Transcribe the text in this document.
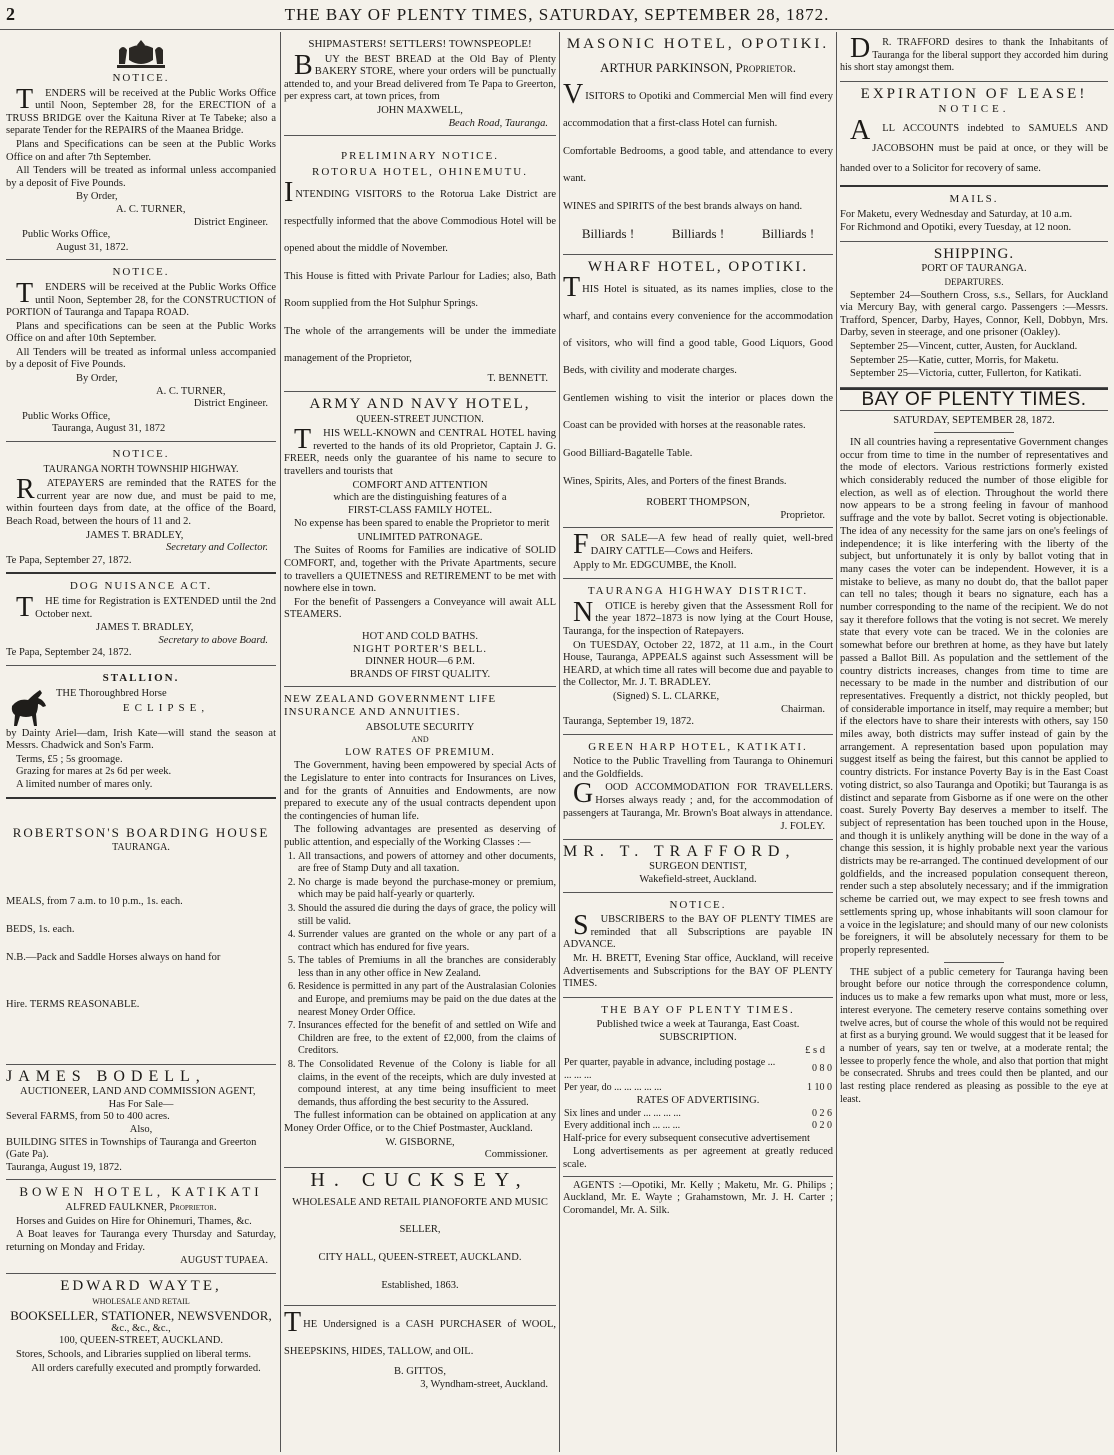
2	THE BAY OF PLENTY TIMES, SATURDAY, SEPTEMBER 28, 1872.
NOTICE.

TENDERS will be received at the Public Works Office until Noon, September 28, for the ERECTION of a TRUSS BRIDGE over the Kaituna River at Te Tabeke; also a separate Tender for the REPAIRS of the Maanea Bridge.

Plans and Specifications can be seen at the Public Works Office on and after 7th September.

All Tenders will be treated as informal unless accompanied by a deposit of Five Pounds.

By Order,
A. C. TURNER,
District Engineer.
Public Works Office,
August 31, 1872.
NOTICE.

TENDERS will be received at the Public Works Office until Noon, September 28, for the CONSTRUCTION of PORTION of Tauranga and Tapapa ROAD.

Plans and specifications can be seen at the Public Works Office on and after 10th September.

All Tenders will be treated as informal unless accompanied by a deposit of Five Pounds.

By Order,
A. C. TURNER,
District Engineer.
Public Works Office,
Tauranga, August 31, 1872
NOTICE.
TAURANGA NORTH TOWNSHIP HIGHWAY.

RATEPAYERS are reminded that the RATES for the current year are now due, and must be paid to me, within fourteen days from date, at the office of the Board, Beach Road, between the hours of 11 and 2.

JAMES T. BRADLEY,
Secretary and Collector.
Te Papa, September 27, 1872.
DOG NUISANCE ACT.

THE time for Registration is EXTENDED until the 2nd October next.

JAMES T. BRADLEY,
Secretary to above Board.
Te Papa, September 24, 1872.
STALLION.
THE Thoroughbred Horse
ECLIPSE,

by Dainty Ariel—dam, Irish Kate—will stand the season at Messrs. Chadwick and Son's Farm.

Terms, £5 ; 5s groomage.
Grazing for mares at 2s 6d per week.
A limited number of mares only.
ROBERTSON'S BOARDING HOUSE
TAURANGA.

MEALS, from 7 a.m. to 10 p.m., 1s. each.

BEDS, 1s. each.

N.B.—Pack and Saddle Horses always on hand for

Hire. TERMS REASONABLE.

JAMES BODELL,
AUCTIONEER, LAND AND COMMISSION AGENT,
Has For Sale—
Several FARMS, from 50 to 400 acres.
Also,
BUILDING SITES in Townships of Tauranga and Greerton (Gate Pa).
Tauranga, August 19, 1872.
BOWEN HOTEL, KATIKATI
ALFRED FAULKNER, Proprietor.

Horses and Guides on Hire for Ohinemuri, Thames, &c.

A Boat leaves for Tauranga every Thursday and Saturday, returning on Monday and Friday.

AUGUST TUPAEA.
EDWARD WAYTE,
WHOLESALE AND RETAIL
BOOKSELLER, STATIONER, NEWSVENDOR,
&c., &c., &c.,
100, QUEEN-STREET, AUCKLAND.

Stores, Schools, and Libraries supplied on liberal terms.

All orders carefully executed and promptly forwarded.

SHIPMASTERS! SETTLERS! TOWNSPEOPLE!

BUY the BEST BREAD at the Old Bay of Plenty BAKERY STORE, where your orders will be punctually attended to, and your Bread delivered from Te Papa to Greerton, per express cart, at town prices, from

JOHN MAXWELL,
Beach Road, Tauranga.
PRELIMINARY NOTICE.
ROTORUA HOTEL, OHINEMUTU.

INTENDING VISITORS to the Rotorua Lake District are respectfully informed that the above Commodious Hotel will be opened about the middle of November.

This House is fitted with Private Parlour for Ladies; also, Bath Room supplied from the Hot Sulphur Springs.

The whole of the arrangements will be under the immediate management of the Proprietor,

T. BENNETT.
ARMY AND NAVY HOTEL,
QUEEN-STREET JUNCTION.

THIS WELL-KNOWN and CENTRAL HOTEL having reverted to the hands of its old Proprietor, Captain J. G. FREER, needs only the guarantee of his name to secure to travellers and tourists that

COMFORT AND ATTENTION
which are the distinguishing features of a
FIRST-CLASS FAMILY HOTEL.

No expense has been spared to enable the Proprietor to merit

UNLIMITED PATRONAGE.

The Suites of Rooms for Families are indicative of SOLID COMFORT, and, together with the Private Apartments, secure to travellers a QUIETNESS and RETIREMENT to be met with nowhere else in town.

For the benefit of Passengers a Conveyance will await ALL STEAMERS.

HOT AND COLD BATHS.
NIGHT PORTER'S BELL.
DINNER HOUR—6 P.M.
BRANDS OF FIRST QUALITY.
NEW ZEALAND GOVERNMENT LIFE INSURANCE AND ANNUITIES.
ABSOLUTE SECURITY
AND
LOW RATES OF PREMIUM.

The Government, having been empowered by special Acts of the Legislature to enter into contracts for Insurances on Lives, and for the grants of Annuities and Endowments, are now prepared to execute any of the usual contracts dependent upon the contingencies of human life.

The following advantages are presented as deserving of public attention, and especially of the Working Classes :—

1. All transactions, and powers of attorney and other documents, are free of Stamp Duty and all taxation.
2. No charge is made beyond the purchase-money or premium, which may be paid half-yearly or quarterly.
3. Should the assured die during the days of grace, the policy will still be valid.
4. Surrender values are granted on the whole or any part of a contract which has endured for five years.
5. The tables of Premiums in all the branches are considerably less than in any other office in New Zealand.
6. Residence is permitted in any part of the Australasian Colonies and Europe, and premiums may be paid on the due dates at the nearest Money Order Office.
7. Insurances effected for the benefit of and settled on Wife and Children are free, to the extent of £2,000, from the claims of Creditors.
8. The Consolidated Revenue of the Colony is liable for all claims, in the event of the receipts, which are duly invested at compound interest, at any time being insufficient to meet demands, thus affording the best security to the Assured.

The fullest information can be obtained on application at any Money Order Office, or to the Chief Postmaster, Auckland.

W. GISBORNE,
Commissioner.
H. CUCKSEY,

WHOLESALE AND RETAIL PIANOFORTE AND MUSIC SELLER,

CITY HALL, QUEEN-STREET, AUCKLAND.

Established, 1863.

THE Undersigned is a CASH PURCHASER of WOOL, SHEEPSKINS, HIDES, TALLOW, and OIL.

B. GITTOS,
3, Wyndham-street, Auckland.
MASONIC HOTEL, OPOTIKI.
ARTHUR PARKINSON, Proprietor.

VISITORS to Opotiki and Commercial Men will find every accommodation that a first-class Hotel can furnish.

Comfortable Bedrooms, a good table, and attendance to every want.

WINES and SPIRITS of the best brands always on hand.

Billiards !	Billiards !	Billiards !
WHARF HOTEL, OPOTIKI.

THIS Hotel is situated, as its names implies, close to the wharf, and contains every convenience for the accommodation of visitors, who will find a good table, Good Liquors, Good Beds, with civility and moderate charges.

Gentlemen wishing to visit the interior or places down the Coast can be provided with horses at the reasonable rates.

Good Billiard-Bagatelle Table.

Wines, Spirits, Ales, and Porters of the finest Brands.

ROBERT THOMPSON,
Proprietor.

FOR SALE—A few head of really quiet, well-bred DAIRY CATTLE—Cows and Heifers.

Apply to Mr. EDGCUMBE, the Knoll.

TAURANGA HIGHWAY DISTRICT.

NOTICE is hereby given that the Assessment Roll for the year 1872–1873 is now lying at the Court House, Tauranga, for the inspection of Ratepayers.

On TUESDAY, October 22, 1872, at 11 a.m., in the Court House, Tauranga, APPEALS against such Assessment will be HEARD, at which time all rates will become due and payable to the Collector, Mr. J. T. BRADLEY.

(Signed) S. L. CLARKE,
Chairman.
Tauranga, September 19, 1872.
GREEN HARP HOTEL, KATIKATI.

Notice to the Public Travelling from Tauranga to Ohinemuri and the Goldfields.

GOOD ACCOMMODATION FOR TRAVELLERS. Horses always ready ; and, for the accommodation of passengers at Tauranga, Mr. Brown's Boat always in attendance.

J. FOLEY.
MR. T. TRAFFORD,
SURGEON DENTIST,
Wakefield-street, Auckland.
NOTICE.

SUBSCRIBERS to the BAY OF PLENTY TIMES are reminded that all Subscriptions are payable IN ADVANCE.

Mr. H. BRETT, Evening Star office, Auckland, will receive Advertisements and Subscriptions for the BAY OF PLENTY TIMES.

THE BAY OF PLENTY TIMES.
Published twice a week at Tauranga, East Coast.
SUBSCRIPTION.
£ s d
Per quarter, payable in advance, including postage ... ... ... ...	0 8 0
Per year, do ... ... ... ... ...	1 10 0
RATES OF ADVERTISING.
Six lines and under ... ... ... ...	0 2 6
Every additional inch ... ... ...	0 2 0
Half-price for every subsequent consecutive advertisement

Long advertisements as per agreement at greatly reduced scale.

AGENTS :—Opotiki, Mr. Kelly ; Maketu, Mr. G. Philips ; Auckland, Mr. E. Wayte ; Grahamstown, Mr. J. H. Carter ; Coromandel, Mr. A. Silk.

DR. TRAFFORD desires to thank the Inhabitants of Tauranga for the liberal support they accorded him during his short stay amongst them.

EXPIRATION OF LEASE!
NOTICE.

ALL ACCOUNTS indebted to SAMUELS AND JACOBSOHN must be paid at once, or they will be handed over to a Solicitor for recovery of same.

MAILS.

For Maketu, every Wednesday and Saturday, at 10 a.m.

For Richmond and Opotiki, every Tuesday, at 12 noon.

SHIPPING.
PORT OF TAURANGA.
DEPARTURES.

September 24—Southern Cross, s.s., Sellars, for Auckland via Mercury Bay, with general cargo. Passengers :—Messrs. Trafford, Spencer, Darby, Hayes, Connor, Kell, Dobbyn, Mrs. Darby, seven in steerage, and one prisoner (Oakley).

September 25—Vincent, cutter, Austen, for Auckland.

September 25—Katie, cutter, Morris, for Maketu.

September 25—Victoria, cutter, Fullerton, for Katikati.

BAY OF PLENTY TIMES.
SATURDAY, SEPTEMBER 28, 1872.

IN all countries having a representative Government changes occur from time to time in the number of representatives and the mode of electors. Various restrictions formerly existed which considerably reduced the number of those eligible for election, as well as of election. Throughout the world there now appears to be a strong feeling in favour of manhood suffrage and the vote by ballot. Secret voting is objectionable. The idea of any necessity for the same jars on one's feelings of independence; it is like interfering with the liberty of the subject, but unfortunately it is only by ballot voting that in many cases the voter can be independent. However, it is a mistake to believe, as many no doubt do, that the ballot paper can tell no tales; though it bears no signature, each has a number corresponding to the name of the recipient. We do not say it therefore follows that the voting is not secret. We merely state that every vote can be traced. We in the colonies are somewhat before our brethren at home, as they have but lately passed a Ballot Bill. As population and the settlement of the country districts increases, changes from time to time are necessary to be made in the number and distribution of our representatives. Frequently a district, not thickly peopled, but of considerable importance in itself, may require a member; but if the electors have to share their interests with others, say 150 miles away, both districts may suffer instead of gain by the arrangement. A representation based upon population may suggest itself as being the fairest, but this cannot be applied to country districts. For instance Poverty Bay is in the East Coast voting district, so also Tauranga and Opotiki; but Tauranga is as distinct and separate from Gisborne as if one were on the other coast. Surely Poverty Bay deserves a member to itself. The subject of representation has been touched upon in the House, and though it is unlikely anything will be done in the way of a change this session, it is highly probable next year the various districts may be re-arranged. The continued development of our goldfields, and the increased population consequent thereon, render such a step absolutely necessary; and if the immigration scheme be carried out, we may expect to see fresh towns and settlements spring up, whose inhabitants will soon clamour for a voice in the legislature; and should many of our new colonists be foreigners, it will be absolutely necessary for them to be properly represented.

THE subject of a public cemetery for Tauranga having been brought before our notice through the correspondence column, induces us to make a few remarks upon what must, more or less, interest everyone. The cemetery reserve contains something over twelve acres, but of course the whole of this would not be required at first as a burying ground. We would suggest that it be leased for a number of years, say ten or twelve, at a moderate rental; the lessee to properly fence the whole, and also that portion that might be consecrated. Shrubs and trees could then be planted, and our last resting place rendered as pleasing as possible to the eye at least.
